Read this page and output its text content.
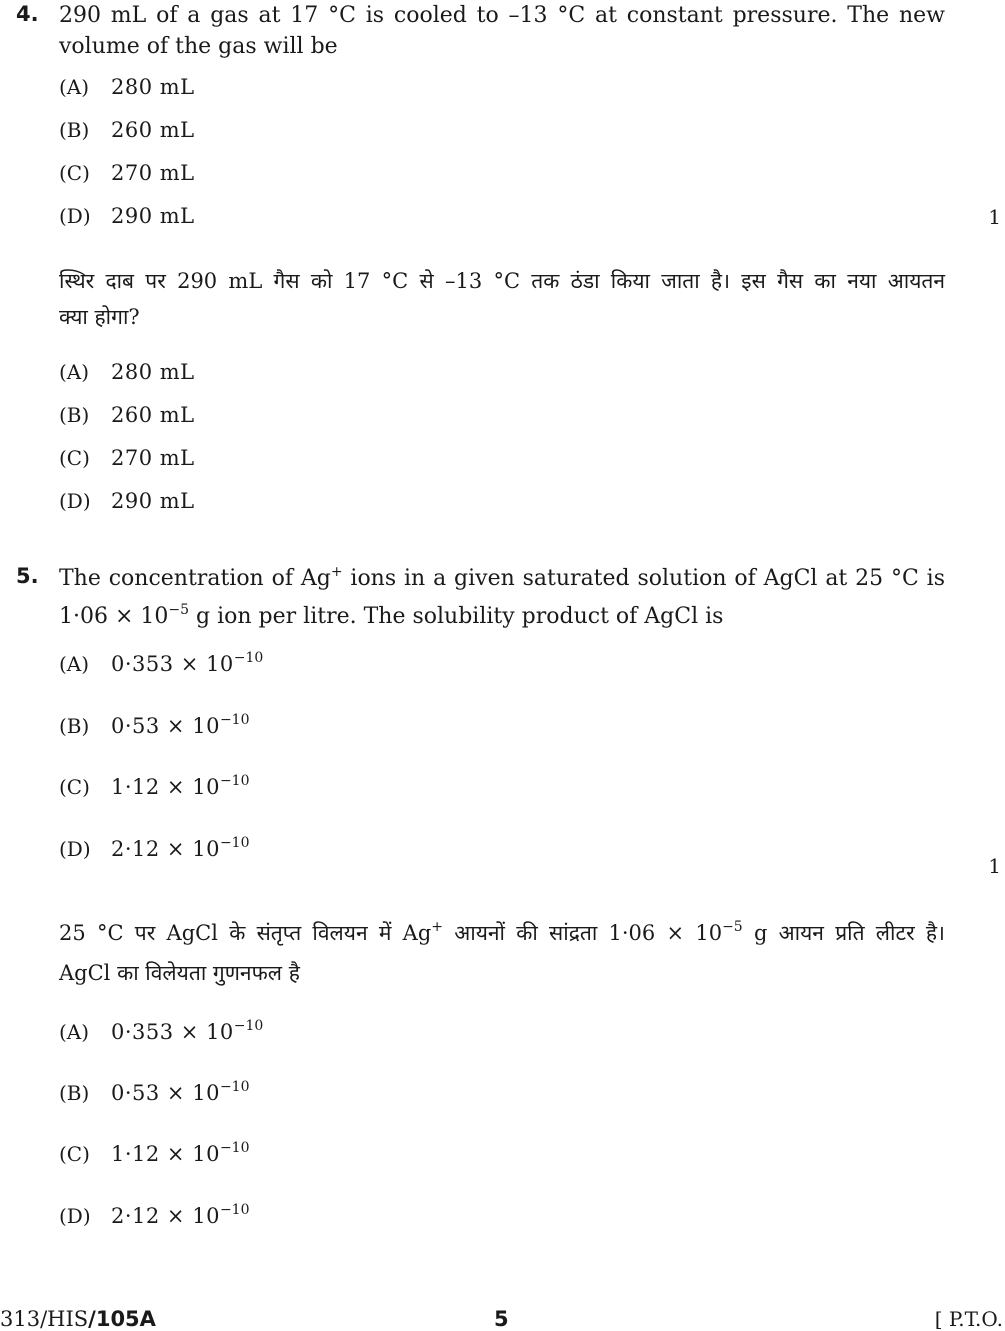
4. 290 mL of a gas at 17 °C is cooled to –13 °C at constant pressure. The new
volume of the gas will be
(A) 280 mL
(B) 260 mL
(C) 270 mL
(D) 290 mL	1
स्थिर दाब पर 290 mL गैस को 17 °C से –13 °C तक ठंडा किया जाता है। इस गैस का नया आयतन
क्या होगा?
(A) 280 mL
(B) 260 mL
(C) 270 mL
(D) 290 mL
5. The concentration of Ag+ ions in a given saturated solution of AgCl at 25 °C is
$1\cdot 06 \times 10^{-5}$ g ion per litre. The solubility product of AgCl is
(A) $0\cdot 353 \times 10^{-10}$
(B) $0\cdot 53 \times 10^{-10}$
(C) $1\cdot 12 \times 10^{-10}$
(D) $2\cdot 12 \times 10^{-10}$
1
25 °C पर AgCl के संतृप्त विलयन में Ag+ आयनों की सांद्रता $1\cdot 06 \times 10^{-5}$ g आयन प्रति लीटर है।
AgCl का विलेयता गुणनफल है
(A) $0\cdot 353 \times 10^{-10}$
(B) $0\cdot 53 \times 10^{-10}$
(C) $1\cdot 12 \times 10^{-10}$
(D) $2\cdot 12 \times 10^{-10}$
313/HIS/105A	5	[ P.T.O.
